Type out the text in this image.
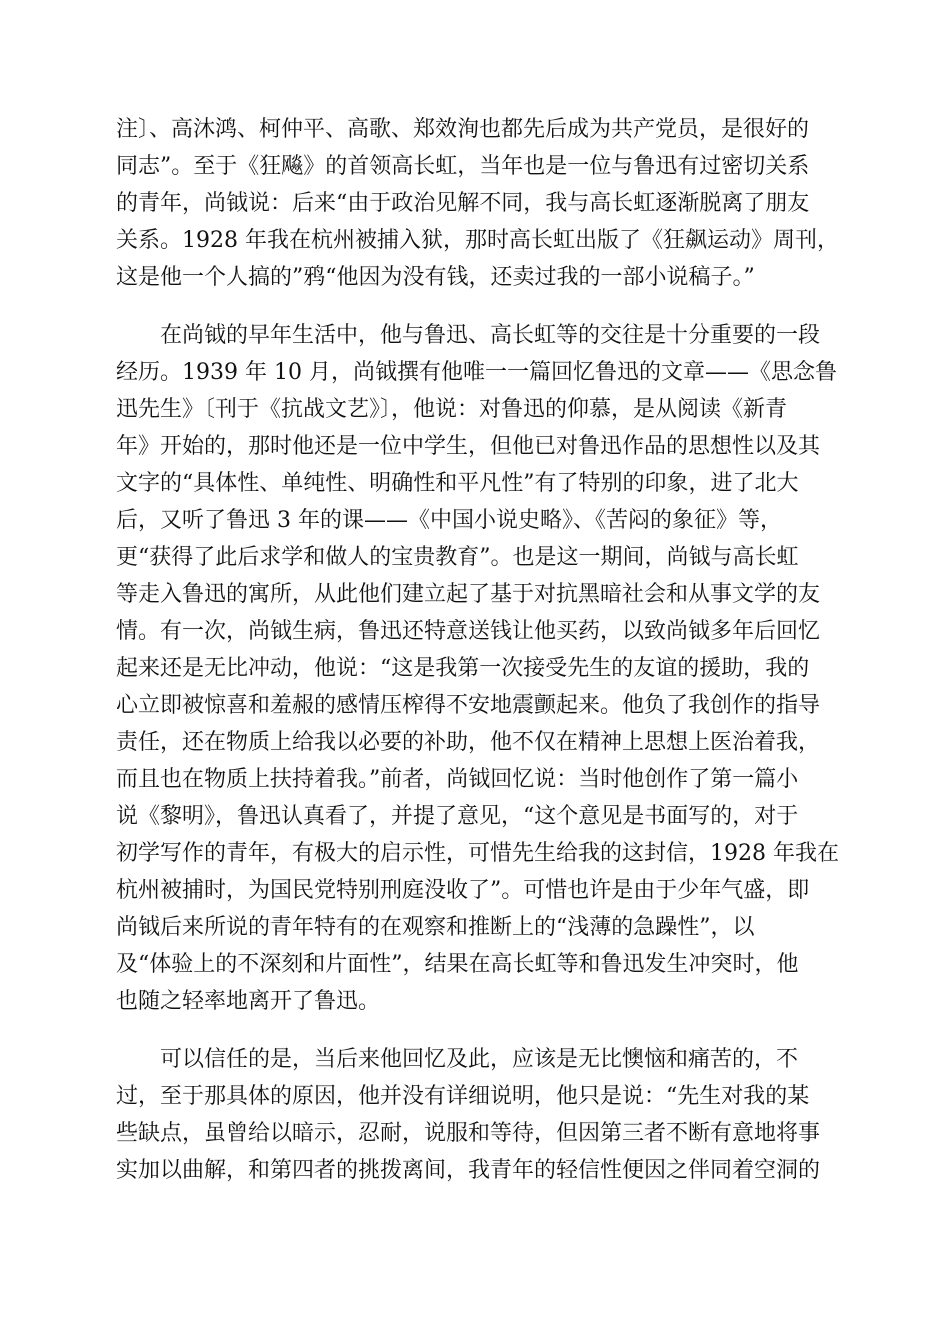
注〕、高沐鸿、柯仲平、高歌、郑效洵也都先后成为共产党员，是很好的
同志”。至于《狂飚》的首领高长虹，当年也是一位与鲁迅有过密切关系
的青年，尚钺说：后来“由于政治见解不同，我与高长虹逐渐脱离了朋友
关系。1928 年我在杭州被捕入狱，那时高长虹出版了《狂飙运动》周刊，
这是他一个人搞的”鸦“他因为没有钱，还卖过我的一部小说稿子。”
在尚钺的早年生活中，他与鲁迅、高长虹等的交往是十分重要的一段
经历。1939 年 10 月，尚钺撰有他唯一一篇回忆鲁迅的文章——《思念鲁
迅先生》〔刊于《抗战文艺》〕，他说：对鲁迅的仰慕，是从阅读《新青
年》开始的，那时他还是一位中学生，但他已对鲁迅作品的思想性以及其
文字的“具体性、单纯性、明确性和平凡性”有了特别的印象，进了北大
后，又听了鲁迅 3 年的课——《中国小说史略》、《苦闷的象征》等，
更“获得了此后求学和做人的宝贵教育”。也是这一期间，尚钺与高长虹
等走入鲁迅的寓所，从此他们建立起了基于对抗黑暗社会和从事文学的友
情。有一次，尚钺生病，鲁迅还特意送钱让他买药，以致尚钺多年后回忆
起来还是无比冲动，他说：“这是我第一次接受先生的友谊的援助，我的
心立即被惊喜和羞赧的感情压榨得不安地震颤起来。他负了我创作的指导
责任，还在物质上给我以必要的补助，他不仅在精神上思想上医治着我，
而且也在物质上扶持着我。”前者，尚钺回忆说：当时他创作了第一篇小
说《黎明》，鲁迅认真看了，并提了意见，“这个意见是书面写的，对于
初学写作的青年，有极大的启示性，可惜先生给我的这封信，1928 年我在
杭州被捕时，为国民党特别刑庭没收了”。可惜也许是由于少年气盛，即
尚钺后来所说的青年特有的在观察和推断上的“浅薄的急躁性”，以
及“体验上的不深刻和片面性”，结果在高长虹等和鲁迅发生冲突时，他
也随之轻率地离开了鲁迅。
可以信任的是，当后来他回忆及此，应该是无比懊恼和痛苦的，不
过，至于那具体的原因，他并没有详细说明，他只是说：“先生对我的某
些缺点，虽曾给以暗示，忍耐，说服和等待，但因第三者不断有意地将事
实加以曲解，和第四者的挑拨离间，我青年的轻信性便因之伴同着空洞的
